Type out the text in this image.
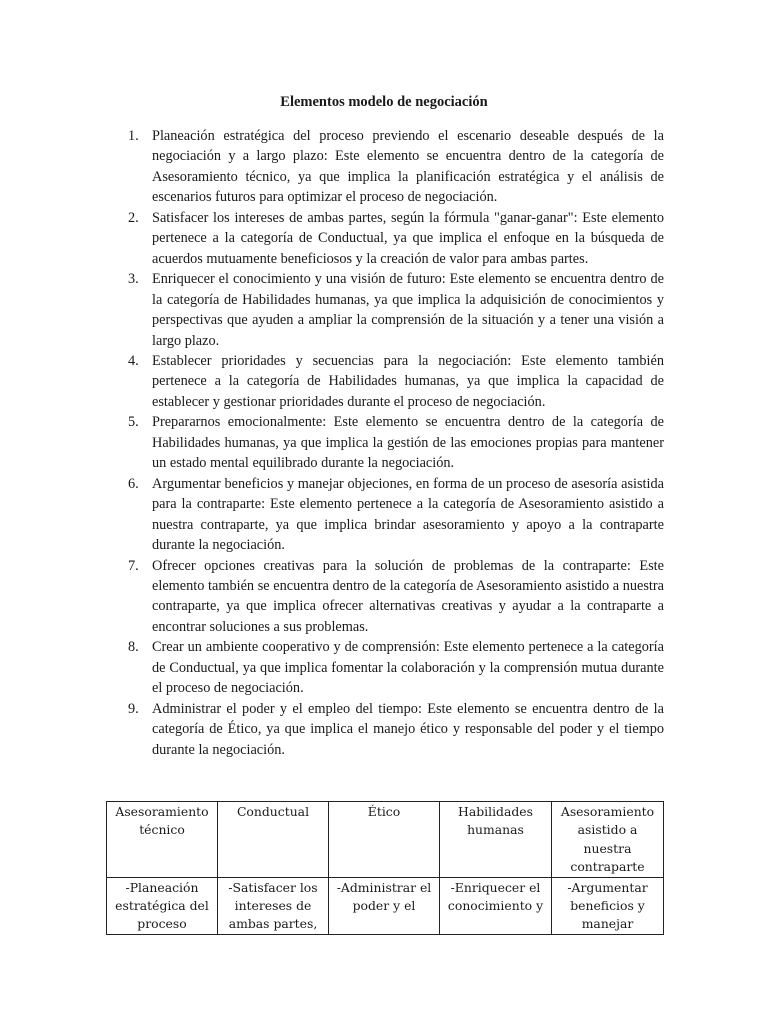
Elementos modelo de negociación
1. Planeación estratégica del proceso previendo el escenario deseable después de la negociación y a largo plazo: Este elemento se encuentra dentro de la categoría de Asesoramiento técnico, ya que implica la planificación estratégica y el análisis de escenarios futuros para optimizar el proceso de negociación.
2. Satisfacer los intereses de ambas partes, según la fórmula "ganar-ganar": Este elemento pertenece a la categoría de Conductual, ya que implica el enfoque en la búsqueda de acuerdos mutuamente beneficiosos y la creación de valor para ambas partes.
3. Enriquecer el conocimiento y una visión de futuro: Este elemento se encuentra dentro de la categoría de Habilidades humanas, ya que implica la adquisición de conocimientos y perspectivas que ayuden a ampliar la comprensión de la situación y a tener una visión a largo plazo.
4. Establecer prioridades y secuencias para la negociación: Este elemento también pertenece a la categoría de Habilidades humanas, ya que implica la capacidad de establecer y gestionar prioridades durante el proceso de negociación.
5. Prepararnos emocionalmente: Este elemento se encuentra dentro de la categoría de Habilidades humanas, ya que implica la gestión de las emociones propias para mantener un estado mental equilibrado durante la negociación.
6. Argumentar beneficios y manejar objeciones, en forma de un proceso de asesoría asistida para la contraparte: Este elemento pertenece a la categoría de Asesoramiento asistido a nuestra contraparte, ya que implica brindar asesoramiento y apoyo a la contraparte durante la negociación.
7. Ofrecer opciones creativas para la solución de problemas de la contraparte: Este elemento también se encuentra dentro de la categoría de Asesoramiento asistido a nuestra contraparte, ya que implica ofrecer alternativas creativas y ayudar a la contraparte a encontrar soluciones a sus problemas.
8. Crear un ambiente cooperativo y de comprensión: Este elemento pertenece a la categoría de Conductual, ya que implica fomentar la colaboración y la comprensión mutua durante el proceso de negociación.
9. Administrar el poder y el empleo del tiempo: Este elemento se encuentra dentro de la categoría de Ético, ya que implica el manejo ético y responsable del poder y el tiempo durante la negociación.
Asesoramiento técnico	Conductual	Ético	Habilidades humanas	Asesoramiento asistido a nuestra contraparte
-Planeación estratégica del proceso	-Satisfacer los intereses de ambas partes,	-Administrar el poder y el	-Enriquecer el conocimiento y	-Argumentar beneficios y manejar
